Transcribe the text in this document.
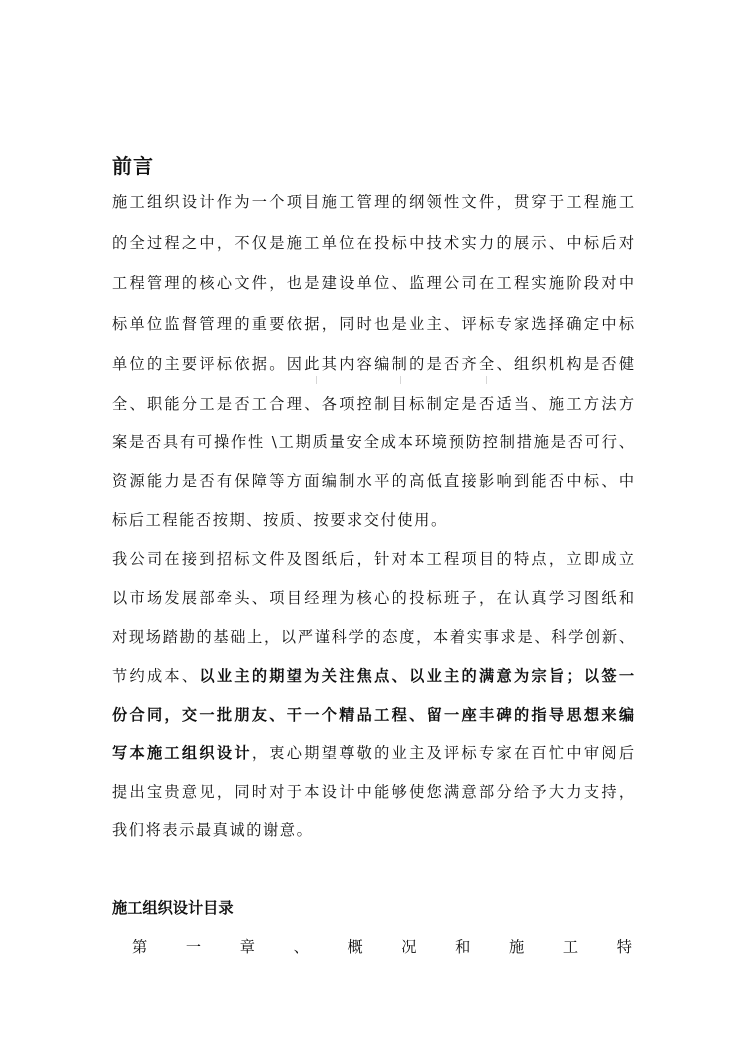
前言

施工组织设计作为一个项目施工管理的纲领性文件，贯穿于工程施工

的全过程之中，不仅是施工单位在投标中技术实力的展示、中标后对

工程管理的核心文件，也是建设单位、监理公司在工程实施阶段对中

标单位监督管理的重要依据，同时也是业主、评标专家选择确定中标

单位的主要评标依据。因此其内容编制的是否齐全、组织机构是否健

全、职能分工是否工合理、各项控制目标制定是否适当、施工方法方

案是否具有可操作性 \工期质量安全成本环境预防控制措施是否可行、

资源能力是否有保障等方面编制水平的高低直接影响到能否中标、中

标后工程能否按期、按质、按要求交付使用。

我公司在接到招标文件及图纸后，针对本工程项目的特点，立即成立

以市场发展部牵头、项目经理为核心的投标班子，在认真学习图纸和

对现场踏勘的基础上，以严谨科学的态度，本着实事求是、科学创新、

节约成本、以业主的期望为关注焦点、以业主的满意为宗旨；以签一

份合同，交一批朋友、干一个精品工程、留一座丰碑的指导思想来编

写本施工组织设计，衷心期望尊敬的业主及评标专家在百忙中审阅后

提出宝贵意见，同时对于本设计中能够使您满意部分给予大力支持，

我们将表示最真诚的谢意。

施工组织设计目录
第	一	章	、	概	况	和	施	工	特
